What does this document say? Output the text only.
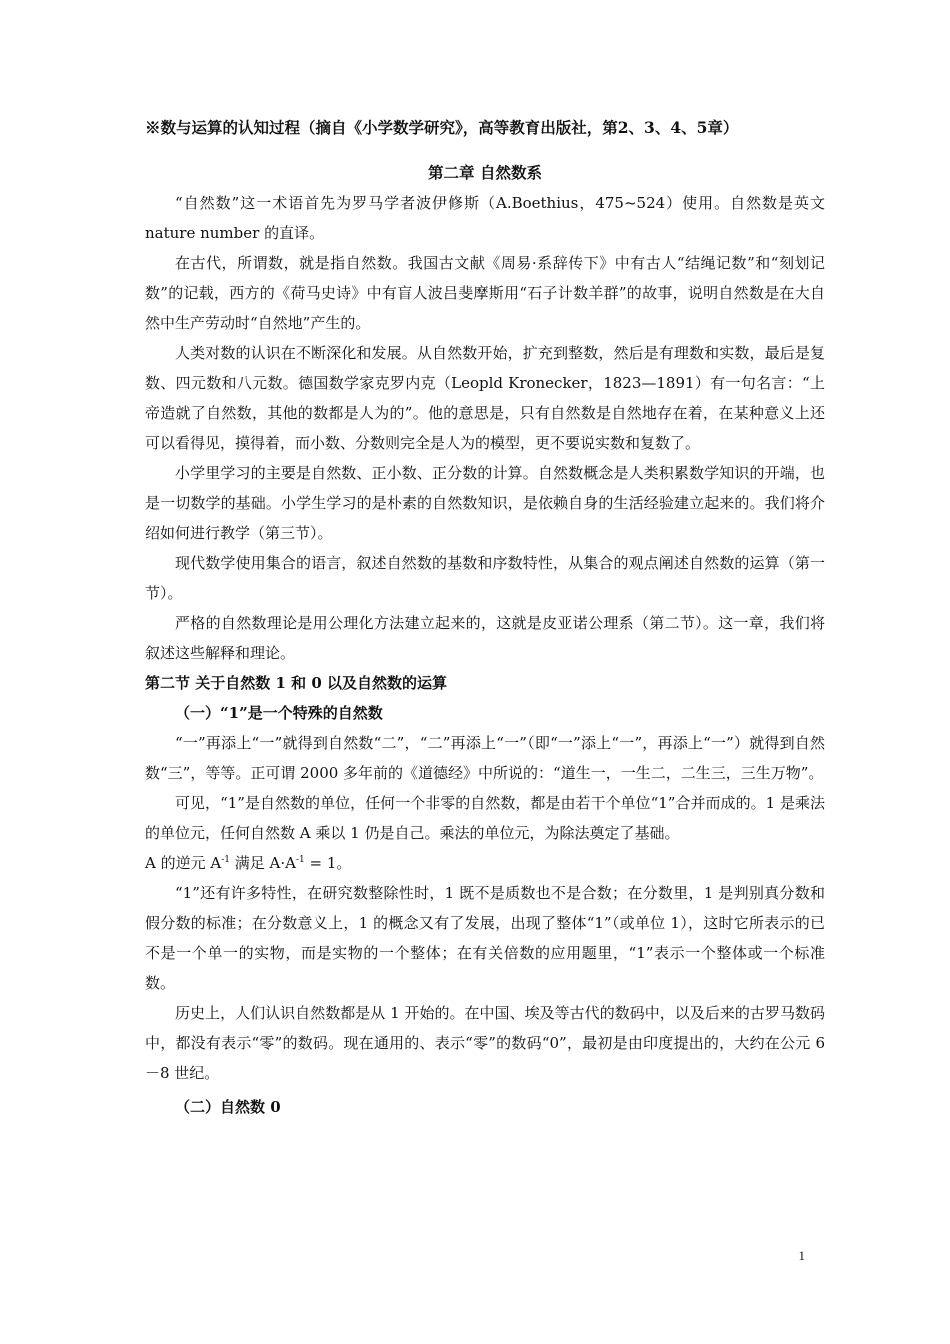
※数与运算的认知过程（摘自《小学数学研究》，高等教育出版社，第2、3、4、5章）
第二章 自然数系

“自然数”这一术语首先为罗马学者波伊修斯（A.Boethius，475~524）使用。自然数是英文 nature number 的直译。

在古代，所谓数，就是指自然数。我国古文献《周易·系辞传下》中有古人“结绳记数”和“刻划记数”的记载，西方的《荷马史诗》中有盲人波吕斐摩斯用“石子计数羊群”的故事，说明自然数是在大自然中生产劳动时“自然地”产生的。

人类对数的认识在不断深化和发展。从自然数开始，扩充到整数，然后是有理数和实数，最后是复数、四元数和八元数。德国数学家克罗内克（Leopld Kronecker，1823—1891）有一句名言：“上帝造就了自然数，其他的数都是人为的”。他的意思是，只有自然数是自然地存在着，在某种意义上还可以看得见，摸得着，而小数、分数则完全是人为的模型，更不要说实数和复数了。

小学里学习的主要是自然数、正小数、正分数的计算。自然数概念是人类积累数学知识的开端，也是一切数学的基础。小学生学习的是朴素的自然数知识，是依赖自身的生活经验建立起来的。我们将介绍如何进行教学（第三节）。

现代数学使用集合的语言，叙述自然数的基数和序数特性，从集合的观点阐述自然数的运算（第一节）。

严格的自然数理论是用公理化方法建立起来的，这就是皮亚诺公理系（第二节）。这一章，我们将叙述这些解释和理论。

第二节 关于自然数 1 和 0 以及自然数的运算
（一）“1”是一个特殊的自然数

“一”再添上“一”就得到自然数“二”，“二”再添上“一”（即“一”添上“一”，再添上“一”）就得到自然数“三”，等等。正可谓 2000 多年前的《道德经》中所说的：“道生一，一生二，二生三，三生万物”。

可见，“1”是自然数的单位，任何一个非零的自然数，都是由若干个单位“1”合并而成的。1 是乘法的单位元，任何自然数 A 乘以 1 仍是自己。乘法的单位元，为除法奠定了基础。

A 的逆元 $A^{-1}$ 满足 $A\cdot A^{-1} = 1$。

“1”还有许多特性，在研究数整除性时，1 既不是质数也不是合数；在分数里，1 是判别真分数和假分数的标准；在分数意义上，1 的概念又有了发展，出现了整体“1”（或单位 1），这时它所表示的已不是一个单一的实物，而是实物的一个整体；在有关倍数的应用题里，“1”表示一个整体或一个标准数。

历史上，人们认识自然数都是从 1 开始的。在中国、埃及等古代的数码中，以及后来的古罗马数码中，都没有表示“零”的数码。现在通用的、表示“零”的数码“0”，最初是由印度提出的，大约在公元 6－8 世纪。

（二）自然数 0
1
